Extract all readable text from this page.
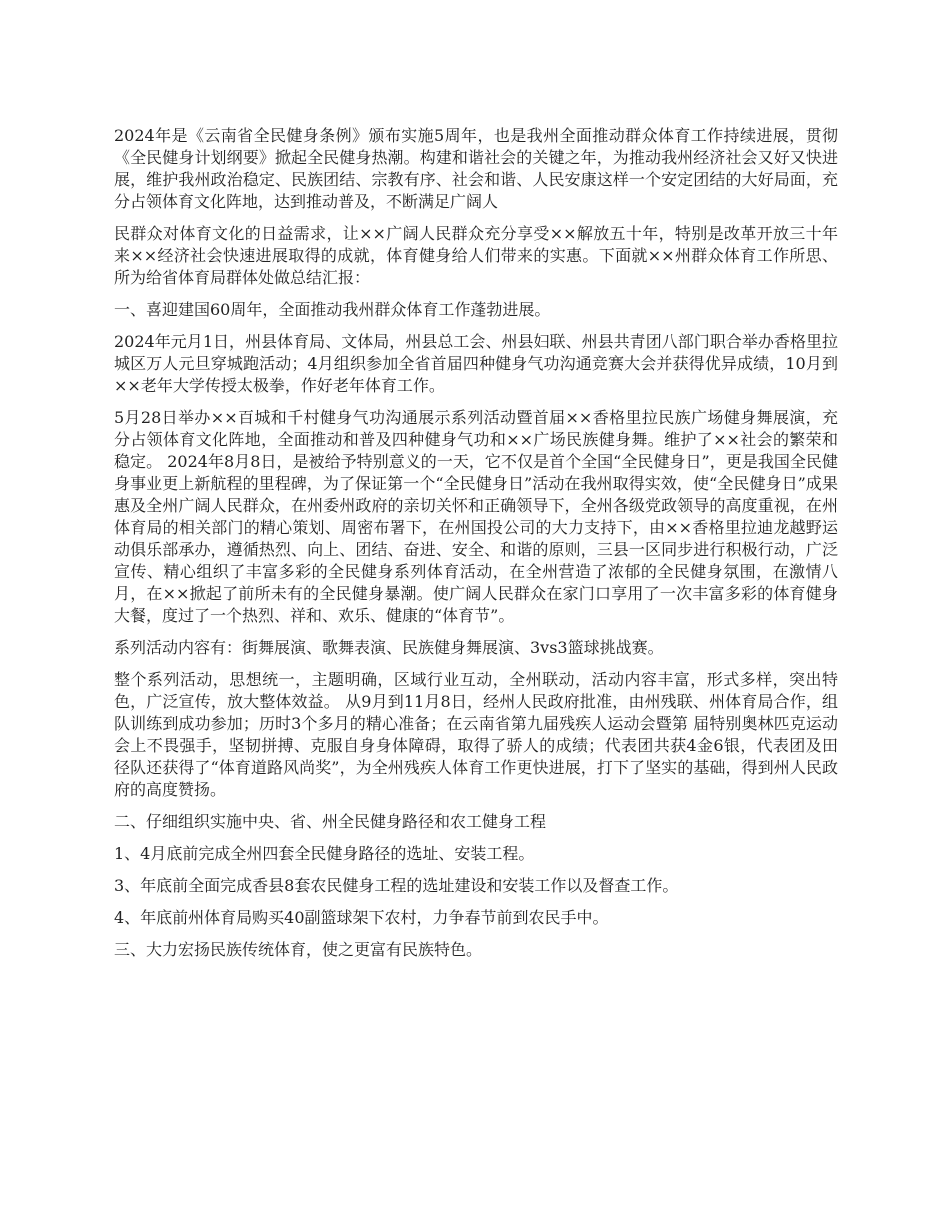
2024年是《云南省全民健身条例》颁布实施5周年，也是我州全面推动群众体育工作持续进展，贯彻《全民健身计划纲要》掀起全民健身热潮。构建和谐社会的关键之年，为推动我州经济社会又好又快进展，维护我州政治稳定、民族团结、宗教有序、社会和谐、人民安康这样一个安定团结的大好局面，充分占领体育文化阵地，达到推动普及，不断满足广阔人

民群众对体育文化的日益需求，让××广阔人民群众充分享受××解放五十年，特别是改革开放三十年来××经济社会快速进展取得的成就，体育健身给人们带来的实惠。下面就××州群众体育工作所思、所为给省体育局群体处做总结汇报：

一、喜迎建国60周年，全面推动我州群众体育工作蓬勃进展。

2024年元月1日，州县体育局、文体局，州县总工会、州县妇联、州县共青团八部门职合举办香格里拉城区万人元旦穿城跑活动；4月组织参加全省首届四种健身气功沟通竞赛大会并获得优异成绩，10月到××老年大学传授太极拳，作好老年体育工作。

5月28日举办××百城和千村健身气功沟通展示系列活动暨首届××香格里拉民族广场健身舞展演，充分占领体育文化阵地，全面推动和普及四种健身气功和××广场民族健身舞。维护了××社会的繁荣和稳定。 2024年8月8日，是被给予特别意义的一天，它不仅是首个全国“全民健身日”，更是我国全民健身事业更上新航程的里程碑，为了保证第一个“全民健身日”活动在我州取得实效，使“全民健身日”成果惠及全州广阔人民群众，在州委州政府的亲切关怀和正确领导下，全州各级党政领导的高度重视，在州体育局的相关部门的精心策划、周密布署下，在州国投公司的大力支持下，由××香格里拉迪龙越野运动俱乐部承办，遵循热烈、向上、团结、奋进、安全、和谐的原则，三县一区同步进行积极行动，广泛宣传、精心组织了丰富多彩的全民健身系列体育活动，在全州营造了浓郁的全民健身氛围，在激情八月，在××掀起了前所未有的全民健身暴潮。使广阔人民群众在家门口享用了一次丰富多彩的体育健身大餐，度过了一个热烈、祥和、欢乐、健康的“体育节”。

系列活动内容有：街舞展演、歌舞表演、民族健身舞展演、3vs3篮球挑战赛。

整个系列活动，思想统一，主题明确，区域行业互动，全州联动，活动内容丰富，形式多样，突出特色，广泛宣传，放大整体效益。 从9月到11月8日，经州人民政府批准，由州残联、州体育局合作，组队训练到成功参加；历时3个多月的精心准备；在云南省第九届残疾人运动会暨第 届特别奥林匹克运动会上不畏强手，坚韧拼搏、克服自身身体障碍，取得了骄人的成绩；代表团共获4金6银，代表团及田径队还获得了“体育道路风尚奖”，为全州残疾人体育工作更快进展，打下了坚实的基础，得到州人民政府的高度赞扬。

二、仔细组织实施中央、省、州全民健身路径和农工健身工程

1、4月底前完成全州四套全民健身路径的选址、安装工程。

3、年底前全面完成香县8套农民健身工程的选址建设和安装工作以及督查工作。

4、年底前州体育局购买40副篮球架下农村，力争春节前到农民手中。

三、大力宏扬民族传统体育，使之更富有民族特色。
